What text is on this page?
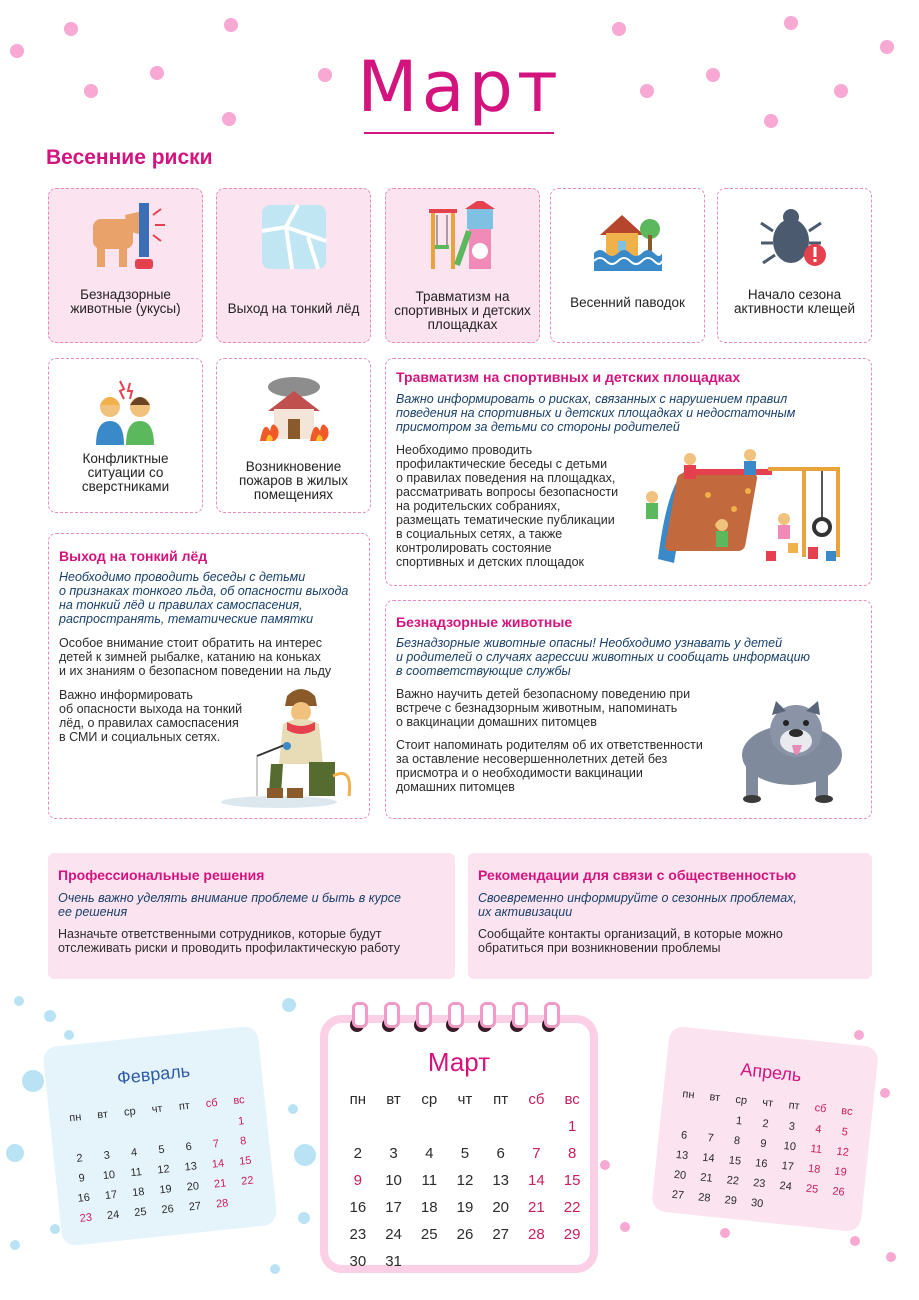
Март
Весенние риски
Безнадзорные животные (укусы)	Выход на тонкий лёд
Травматизм на спортивных и детских площадках
Весенний паводок
Начало сезона активности клещей
Конфликтные ситуации со сверстниками
Возникновение пожаров в жилых помещениях
Травматизм на спортивных и детских площадках
Важно информировать о рисках, связанных с нарушением правил
поведения на спортивных и детских площадках и недостаточным
присмотром за детьми со стороны родителей
Необходимо проводить
профилактические беседы с детьми
о правилах поведения на площадках,
рассматривать вопросы безопасности
на родительских собраниях,
размещать тематические публикации
в социальных сетях, а также
контролировать состояние
спортивных и детских площадок
Выход на тонкий лёд
Необходимо проводить беседы с детьми
о признаках тонкого льда, об опасности выхода
на тонкий лёд и правилах самоспасения,
распространять, тематические памятки
Особое внимание стоит обратить на интерес
детей к зимней рыбалке, катанию на коньках
и их знаниям о безопасном поведении на льду
Важно информировать
об опасности выхода на тонкий
лёд, о правилах самоспасения
в СМИ и социальных сетях.
Безнадзорные животные
Безнадзорные животные опасны! Необходимо узнавать у детей
и родителей о случаях агрессии животных и сообщать информацию
в соответствующие службы
Важно научить детей безопасному поведению при
встрече с безнадзорным животным, напоминать
о вакцинации домашних питомцев
Стоит напоминать родителям об их ответственности
за оставление несовершеннолетних детей без
присмотра и о необходимости вакцинации
домашних питомцев
Профессиональные решения
Очень важно уделять внимание проблеме и быть в курсе
ее решения
Назначьте ответственными сотрудников, которые будут
отслеживать риски и проводить профилактическую работу
Рекомендации для связи с общественностью
Своевременно информируйте о сезонных проблемах,
их активизации
Сообщайте контакты организаций, в которые можно
обратиться при возникновении проблемы
Февраль
пн	вт	ср	чт	пт	сб	вс
						1
2	3	4	5	6	7	8
9	10	11	12	13	14	15
16	17	18	19	20	21	22
23	24	25	26	27	28	
Апрель
пн	вт	ср	чт	пт	сб	вс
		1	2	3	4	5
6	7	8	9	10	11	12
13	14	15	16	17	18	19
20	21	22	23	24	25	26
27	28	29	30			
Март
пн	вт	ср	чт	пт	сб	вс
						1
2	3	4	5	6	7	8
9	10	11	12	13	14	15
16	17	18	19	20	21	22
23	24	25	26	27	28	29
30	31					
